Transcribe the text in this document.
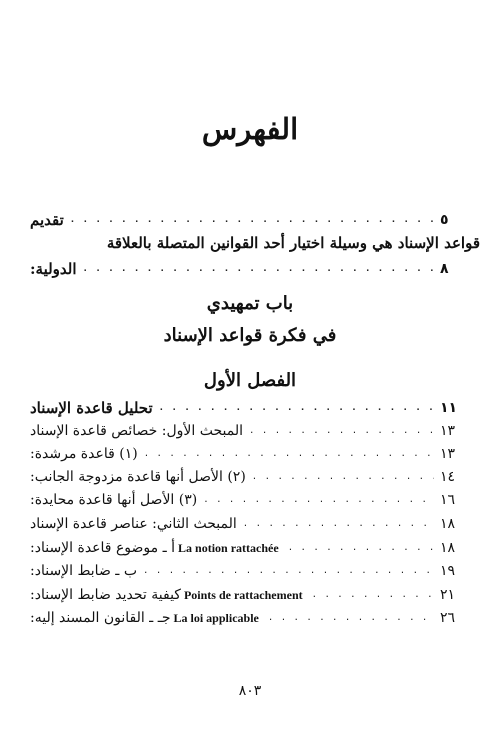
الفهرس
تقديم . . .	٥
قواعد الإسناد هي وسيلة اختيار أحد القوانين المتصلة بالعلاقة
الدولية: . . .	٨
باب تمهيدي
في فكرة قواعد الإسناد
الفصل الأول
تحليل قاعدة الإسناد . . .	١١
المبحث الأول: خصائص قاعدة الإسناد . . .	١٣
(١) قاعدة مرشدة: . . .	١٣
(٢) الأصل أنها قاعدة مزدوجة الجانب: . . .	١٤
(٣) الأصل أنها قاعدة محايدة: . . .	١٦
المبحث الثاني: عناصر قاعدة الإسناد . . .	١٨
أ ـ موضوع قاعدة الإسناد: La notion rattachée . . .	١٨
ب ـ ضابط الإسناد: . . .	١٩
كيفية تحديد ضابط الإسناد: Points de rattachement . . .	٢١
جـ ـ القانون المسند إليه: La loi applicable . . .	٢٦
٨٠٣
